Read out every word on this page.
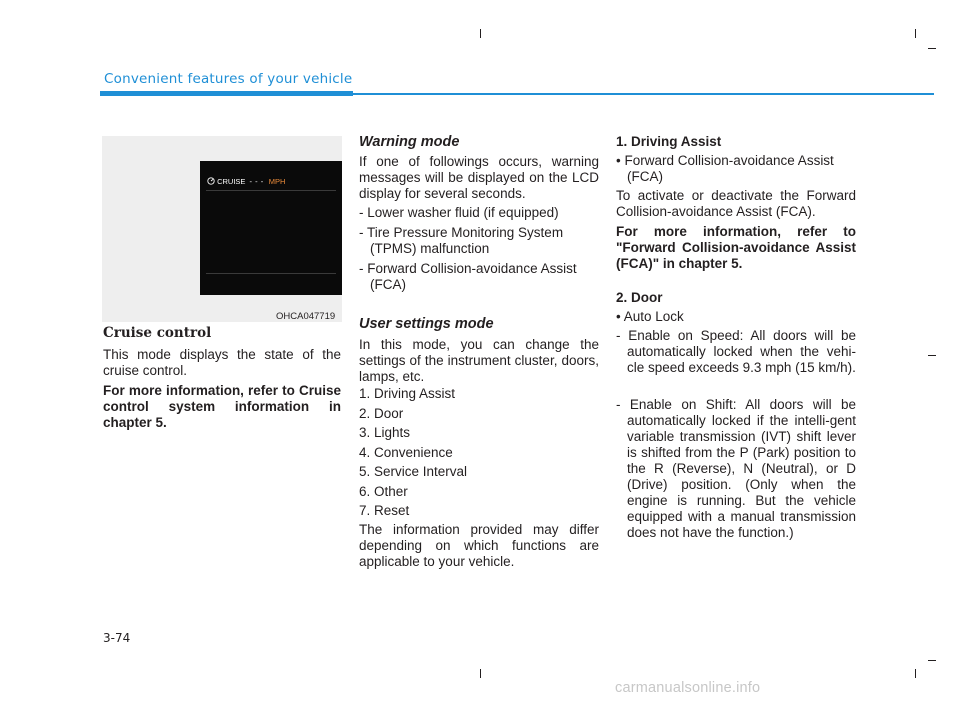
Convenient features of your vehicle
CRUISE - - - MPH
OHCA047719

Cruise control

This mode displays the state of the cruise control.

For more information, refer to Cruise control system information in chapter 5.

Warning mode

If one of followings occurs, warning messages will be displayed on the LCD display for several seconds.

- Lower washer fluid (if equipped)

- Tire Pressure Monitoring System (TPMS) malfunction

- Forward Collision-avoidance Assist (FCA)

User settings mode

In this mode, you can change the settings of the instrument cluster, doors, lamps, etc.

1. Driving Assist

2. Door

3. Lights

4. Convenience

5. Service Interval

6. Other

7. Reset

The information provided may differ depending on which functions are applicable to your vehicle.

1. Driving Assist

• Forward Collision-avoidance Assist (FCA)

To activate or deactivate the Forward Collision-avoidance Assist (FCA).

For more information, refer to "Forward Collision-avoidance Assist (FCA)" in chapter 5.

2. Door

• Auto Lock

- Enable on Speed: All doors will be automatically locked when the vehi-cle speed exceeds 9.3 mph (15 km/h).

- Enable on Shift: All doors will be automatically locked if the intelli-gent variable transmission (IVT) shift lever is shifted from the P (Park) position to the R (Reverse), N (Neutral), or D (Drive) position. (Only when the engine is running. But the vehicle equipped with a manual transmission does not have the function.)

3-74
carmanualsonline.info
